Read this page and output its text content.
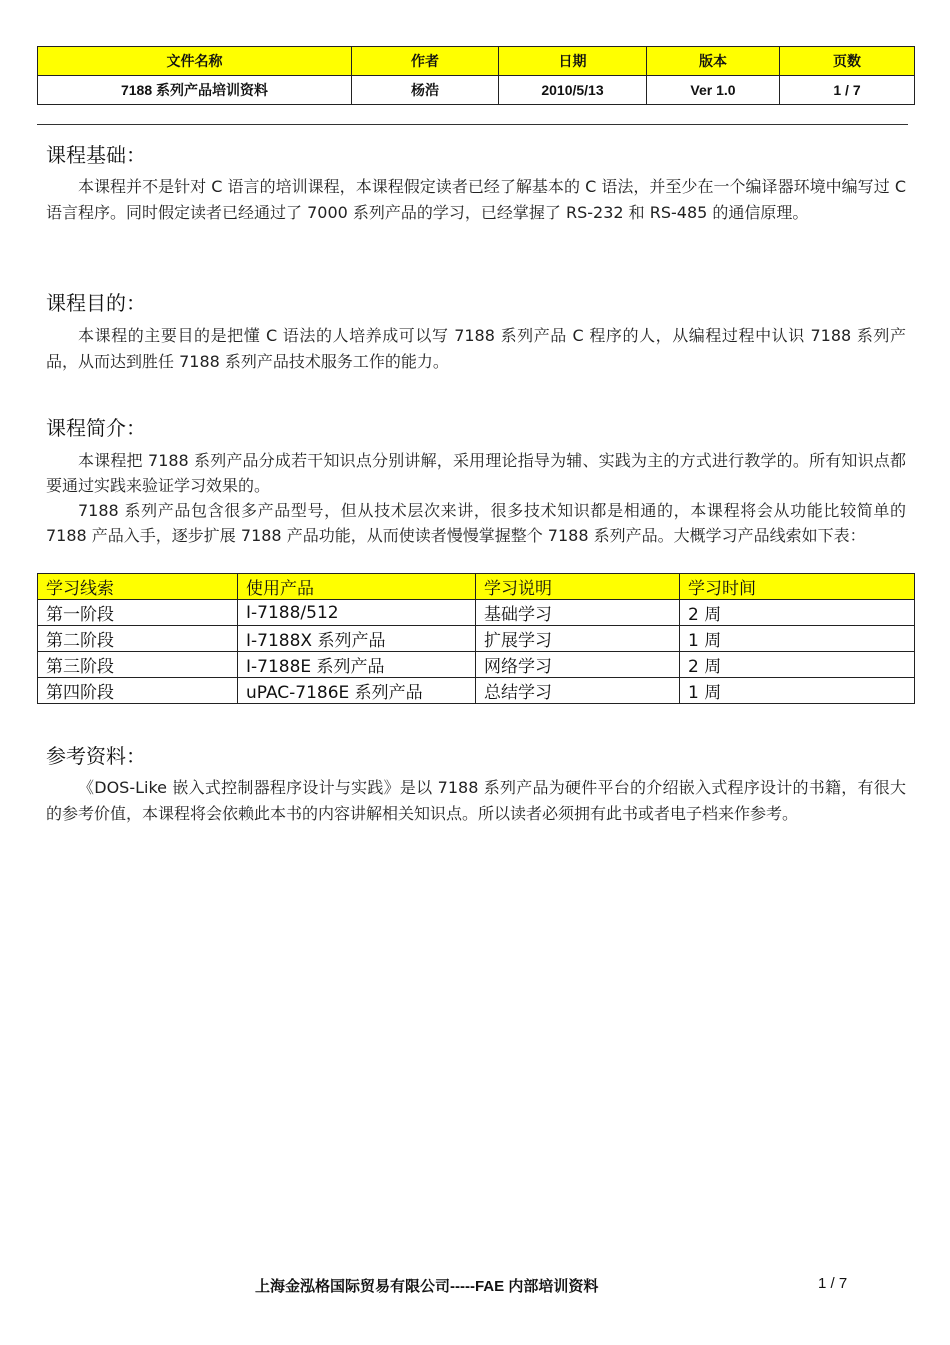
文件名称	作者	日期	版本	页数
7188 系列产品培训资料	杨浩	2010/5/13	Ver 1.0	1 / 7
课程基础：

本课程并不是针对 C 语言的培训课程，本课程假定读者已经了解基本的 C 语法，并至少在一个编译器环境中编写过 C 语言程序。同时假定读者已经通过了 7000 系列产品的学习，已经掌握了 RS-232 和 RS-485 的通信原理。

课程目的：

本课程的主要目的是把懂 C 语法的人培养成可以写 7188 系列产品 C 程序的人，从编程过程中认识 7188 系列产品，从而达到胜任 7188 系列产品技术服务工作的能力。

课程简介：

本课程把 7188 系列产品分成若干知识点分别讲解，采用理论指导为辅、实践为主的方式进行教学的。所有知识点都要通过实践来验证学习效果的。

7188 系列产品包含很多产品型号，但从技术层次来讲，很多技术知识都是相通的，本课程将会从功能比较简单的 7188 产品入手，逐步扩展 7188 产品功能，从而使读者慢慢掌握整个 7188 系列产品。大概学习产品线索如下表：

学习线索	使用产品	学习说明	学习时间
第一阶段	I-7188/512	基础学习	2 周
第二阶段	I-7188X 系列产品	扩展学习	1 周
第三阶段	I-7188E 系列产品	网络学习	2 周
第四阶段	uPAC-7186E 系列产品	总结学习	1 周
参考资料：

《DOS-Like 嵌入式控制器程序设计与实践》是以 7188 系列产品为硬件平台的介绍嵌入式程序设计的书籍，有很大的参考价值，本课程将会依赖此本书的内容讲解相关知识点。所以读者必须拥有此书或者电子档来作参考。

上海金泓格国际贸易有限公司-----FAE 内部培训资料	1 / 7
